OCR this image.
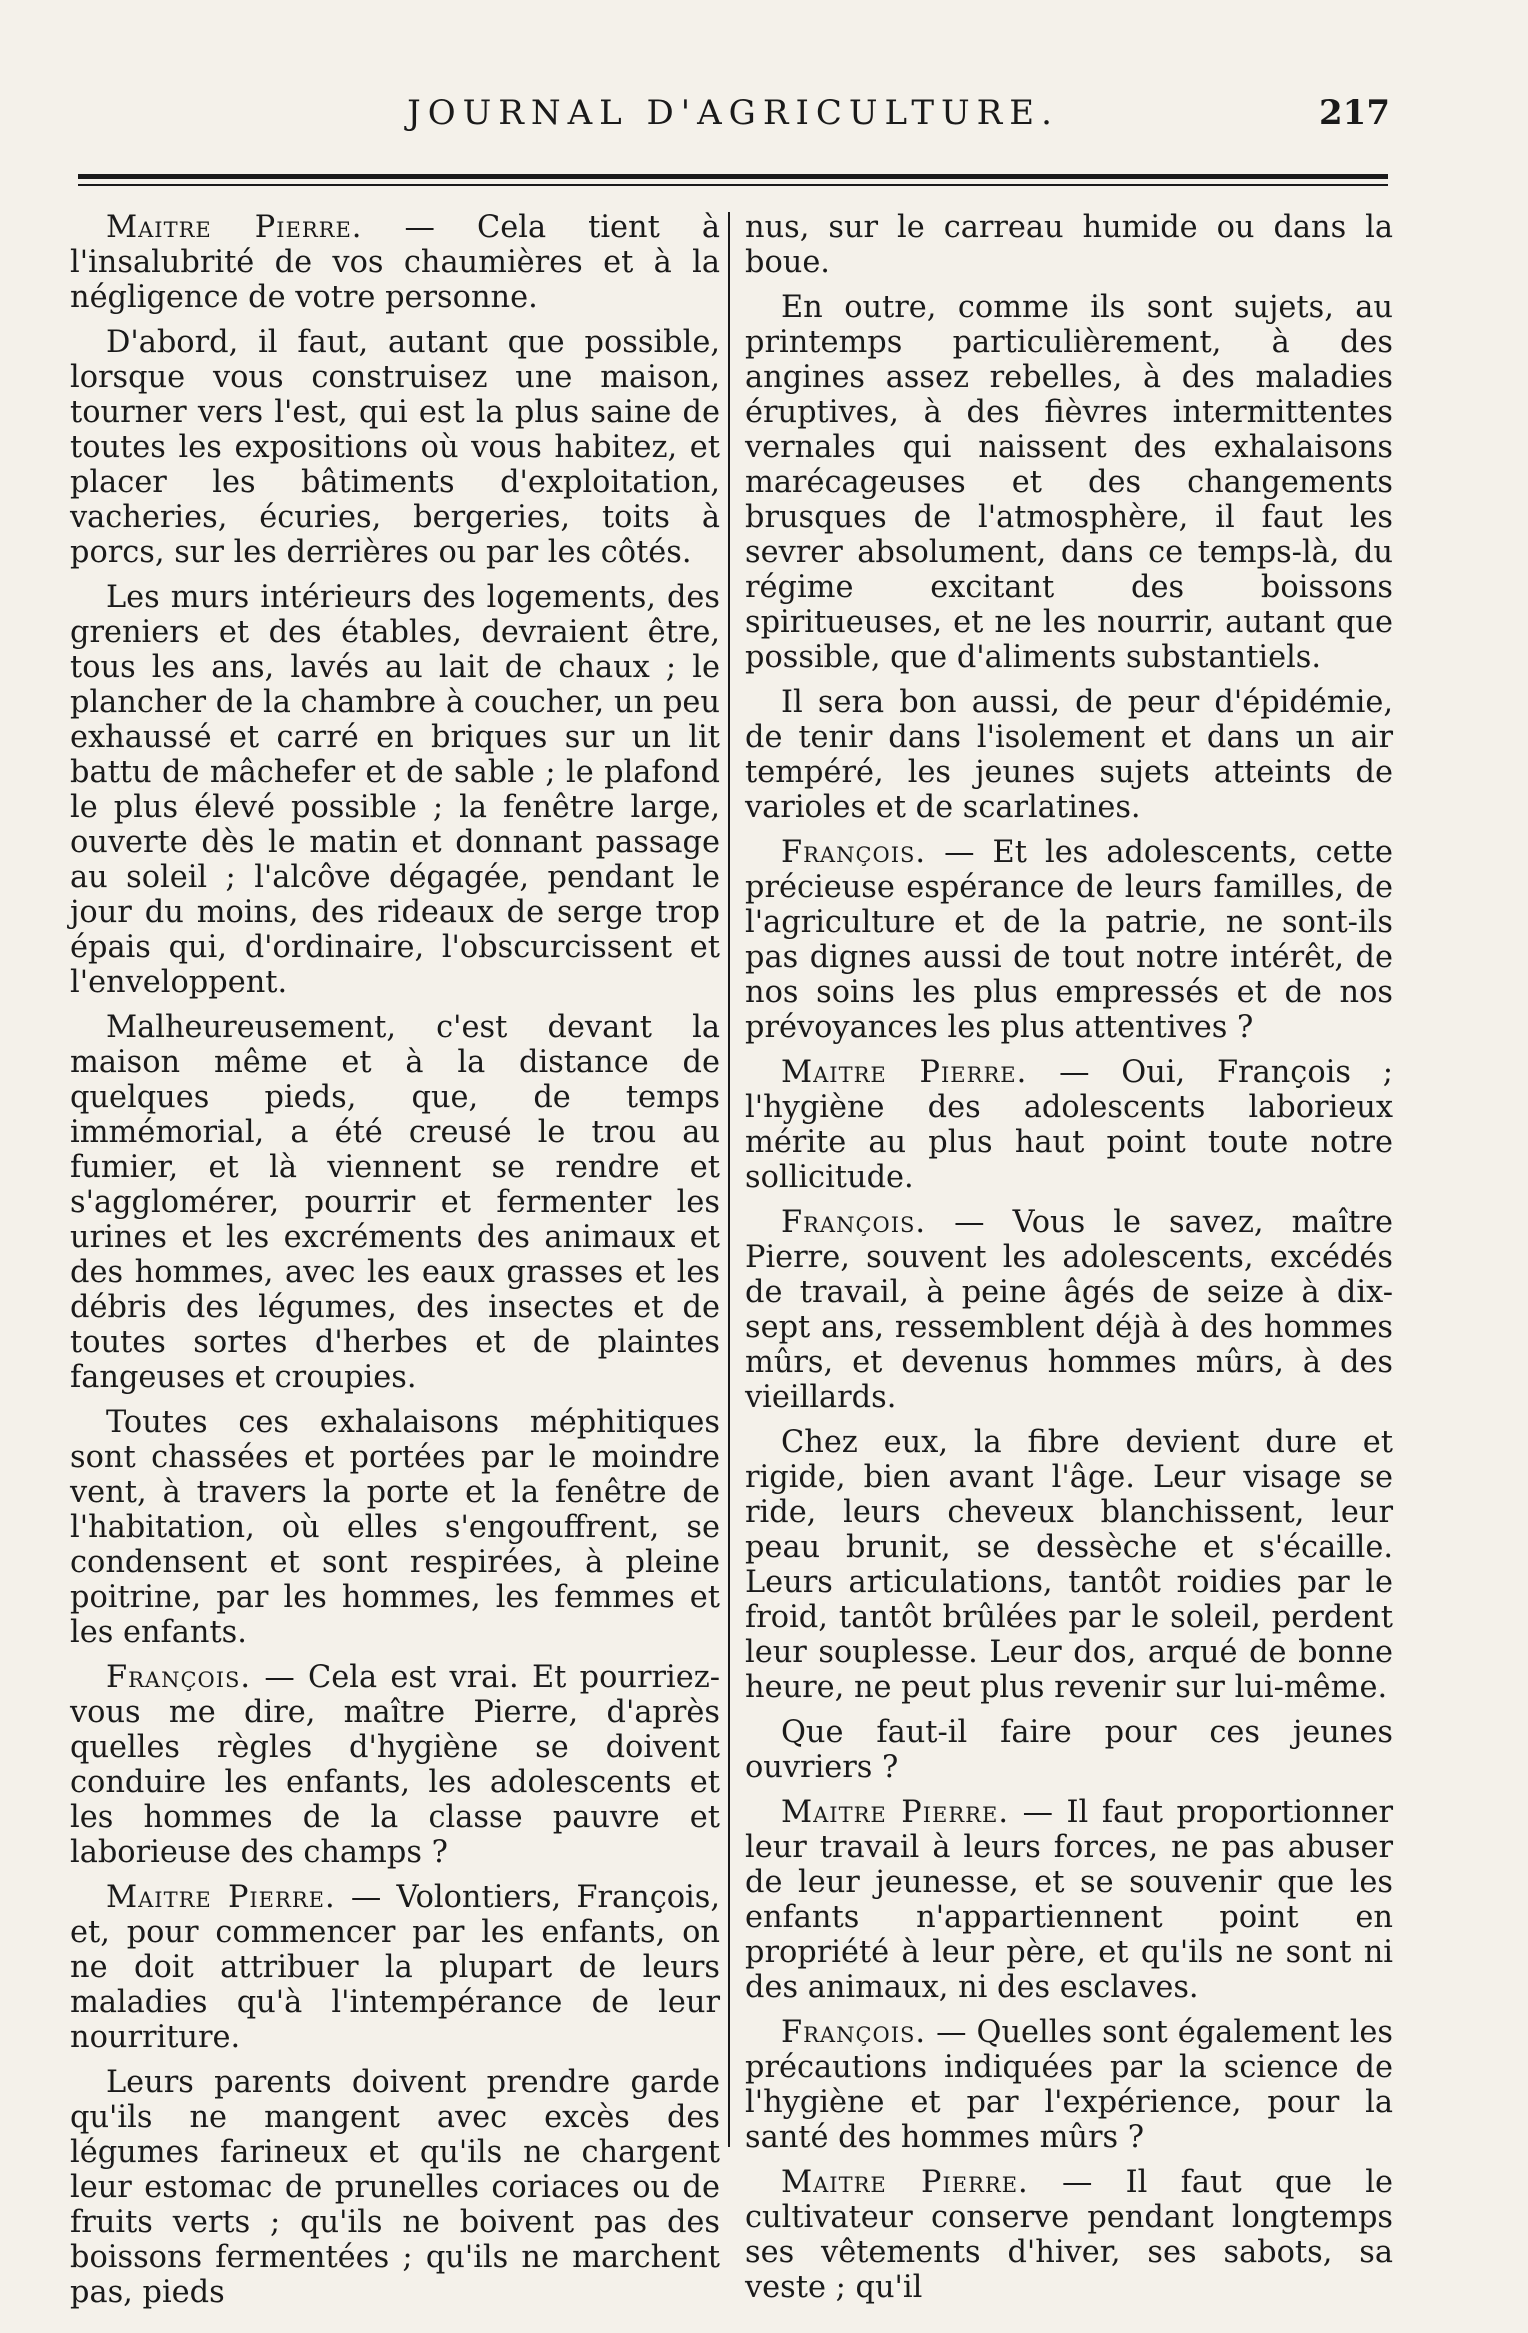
JOURNAL D'AGRICULTURE.	217

Maitre Pierre. — Cela tient à l'insalubrité de vos chaumières et à la négligence de votre personne.

D'abord, il faut, autant que possible, lorsque vous construisez une maison, tourner vers l'est, qui est la plus saine de toutes les expositions où vous habitez, et placer les bâtiments d'exploitation, vacheries, écuries, bergeries, toits à porcs, sur les derrières ou par les côtés.

Les murs intérieurs des logements, des greniers et des étables, devraient être, tous les ans, lavés au lait de chaux ; le plancher de la chambre à coucher, un peu exhaussé et carré en briques sur un lit battu de mâchefer et de sable ; le plafond le plus élevé possible ; la fenêtre large, ouverte dès le matin et donnant passage au soleil ; l'alcôve dégagée, pendant le jour du moins, des rideaux de serge trop épais qui, d'ordinaire, l'obscurcissent et l'enveloppent.

Malheureusement, c'est devant la maison même et à la distance de quelques pieds, que, de temps immémorial, a été creusé le trou au fumier, et là viennent se rendre et s'agglomérer, pourrir et fermenter les urines et les excréments des animaux et des hommes, avec les eaux grasses et les débris des légumes, des insectes et de toutes sortes d'herbes et de plaintes fangeuses et croupies.

Toutes ces exhalaisons méphitiques sont chassées et portées par le moindre vent, à travers la porte et la fenêtre de l'habitation, où elles s'engouffrent, se condensent et sont respirées, à pleine poitrine, par les hommes, les femmes et les enfants.

François. — Cela est vrai. Et pourriez-vous me dire, maître Pierre, d'après quelles règles d'hygiène se doivent conduire les enfants, les adolescents et les hommes de la classe pauvre et laborieuse des champs ?

Maitre Pierre. — Volontiers, François, et, pour commencer par les enfants, on ne doit attribuer la plupart de leurs maladies qu'à l'intempérance de leur nourriture.

Leurs parents doivent prendre garde qu'ils ne mangent avec excès des légumes farineux et qu'ils ne chargent leur estomac de prunelles coriaces ou de fruits verts ; qu'ils ne boivent pas des boissons fermentées ; qu'ils ne marchent pas, pieds

nus, sur le carreau humide ou dans la boue.

En outre, comme ils sont sujets, au printemps particulièrement, à des angines assez rebelles, à des maladies éruptives, à des fièvres intermittentes vernales qui naissent des exhalaisons marécageuses et des changements brusques de l'atmosphère, il faut les sevrer absolument, dans ce temps-là, du régime excitant des boissons spiritueuses, et ne les nourrir, autant que possible, que d'aliments substantiels.

Il sera bon aussi, de peur d'épidémie, de tenir dans l'isolement et dans un air tempéré, les jeunes sujets atteints de varioles et de scarlatines.

François. — Et les adolescents, cette précieuse espérance de leurs familles, de l'agriculture et de la patrie, ne sont-ils pas dignes aussi de tout notre intérêt, de nos soins les plus empressés et de nos prévoyances les plus attentives ?

Maitre Pierre. — Oui, François ; l'hygiène des adolescents laborieux mérite au plus haut point toute notre sollicitude.

François. — Vous le savez, maître Pierre, souvent les adolescents, excédés de travail, à peine âgés de seize à dix-sept ans, ressemblent déjà à des hommes mûrs, et devenus hommes mûrs, à des vieillards.

Chez eux, la fibre devient dure et rigide, bien avant l'âge. Leur visage se ride, leurs cheveux blanchissent, leur peau brunit, se dessèche et s'écaille. Leurs articulations, tantôt roidies par le froid, tantôt brûlées par le soleil, perdent leur souplesse. Leur dos, arqué de bonne heure, ne peut plus revenir sur lui-même.

Que faut-il faire pour ces jeunes ouvriers ?

Maitre Pierre. — Il faut proportionner leur travail à leurs forces, ne pas abuser de leur jeunesse, et se souvenir que les enfants n'appartiennent point en propriété à leur père, et qu'ils ne sont ni des animaux, ni des esclaves.

François. — Quelles sont également les précautions indiquées par la science de l'hygiène et par l'expérience, pour la santé des hommes mûrs ?

Maitre Pierre. — Il faut que le cultivateur conserve pendant longtemps ses vêtements d'hiver, ses sabots, sa veste ; qu'il
